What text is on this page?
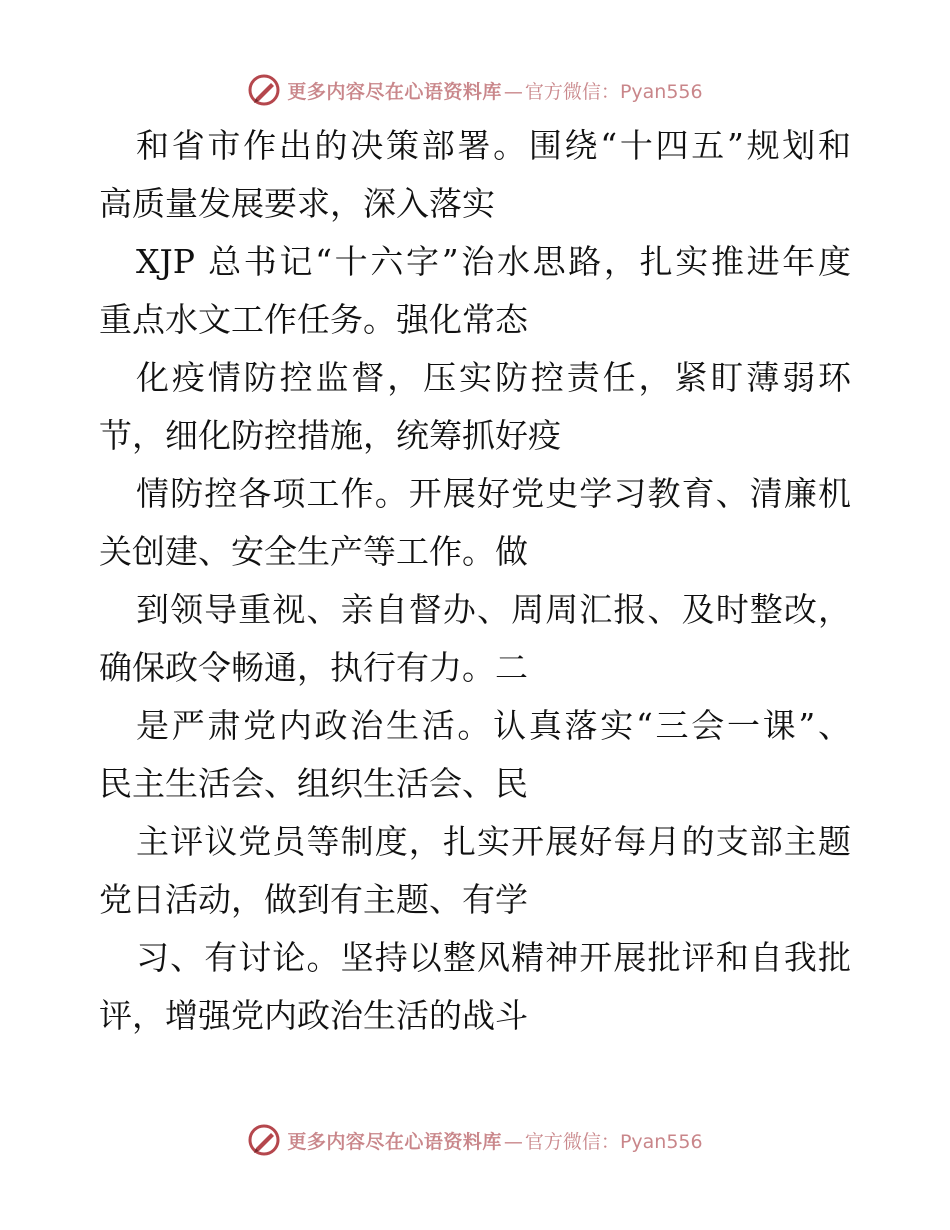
更多内容尽在心语资料库 — 官方微信：Pyan556
和省市作出的决策部署。围绕“十四五”规划和
高质量发展要求，深入落实
XJP 总书记“十六字”治水思路，扎实推进年度
重点水文工作任务。强化常态
化疫情防控监督，压实防控责任，紧盯薄弱环
节，细化防控措施，统筹抓好疫
情防控各项工作。开展好党史学习教育、清廉机
关创建、安全生产等工作。做
到领导重视、亲自督办、周周汇报、及时整改，
确保政令畅通，执行有力。二
是严肃党内政治生活。认真落实“三会一课”、
民主生活会、组织生活会、民
主评议党员等制度，扎实开展好每月的支部主题
党日活动，做到有主题、有学
习、有讨论。坚持以整风精神开展批评和自我批
评，增强党内政治生活的战斗
更多内容尽在心语资料库 — 官方微信：Pyan556
